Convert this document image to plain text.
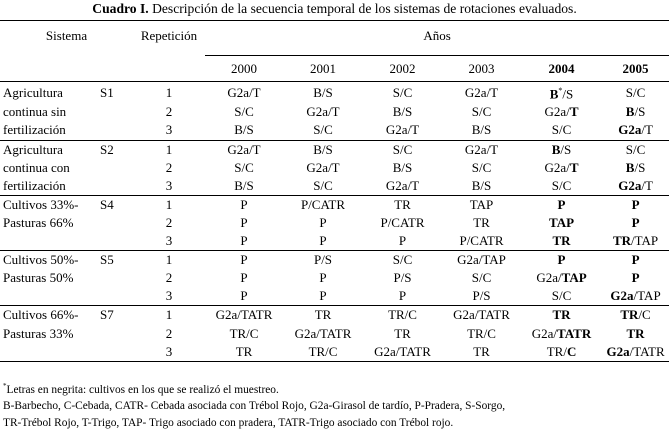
Cuadro I. Descripción de la secuencia temporal de los sistemas de rotaciones evaluados.
Sistema		Repetición	Años					
			2000	2001	2002	2003	2004	2005
Agricultura	S1	1	G2a/T	B/S	S/C	G2a/T	B*/S	S/C
continua sin		2	S/C	G2a/T	B/S	S/C	G2a/T	B/S
fertilización		3	B/S	S/C	G2a/T	B/S	S/C	G2a/T
Agricultura	S2	1	G2a/T	B/S	S/C	G2a/T	B/S	S/C
continua con		2	S/C	G2a/T	B/S	S/C	G2a/T	B/S
fertilización		3	B/S	S/C	G2a/T	B/S	S/C	G2a/T
Cultivos 33%-	S4	1	P	P/CATR	TR	TAP	P	P
Pasturas 66%		2	P	P	P/CATR	TR	TAP	P
		3	P	P	P	P/CATR	TR	TR/TAP
Cultivos 50%-	S5	1	P	P/S	S/C	G2a/TAP	P	P
Pasturas 50%		2	P	P	P/S	S/C	G2a/TAP	P
		3	P	P	P	P/S	S/C	G2a/TAP
Cultivos 66%-	S7	1	G2a/TATR	TR	TR/C	G2a/TATR	TR	TR/C
Pasturas 33%		2	TR/C	G2a/TATR	TR	TR/C	G2a/TATR	TR
		3	TR	TR/C	G2a/TATR	TR	TR/C	G2a/TATR
*Letras en negrita: cultivos en los que se realizó el muestreo.
B-Barbecho, C-Cebada, CATR- Cebada asociada con Trébol Rojo, G2a-Girasol de tardío, P-Pradera, S-Sorgo,
TR-Trébol Rojo, T-Trigo, TAP- Trigo asociado con pradera, TATR-Trigo asociado con Trébol rojo.
